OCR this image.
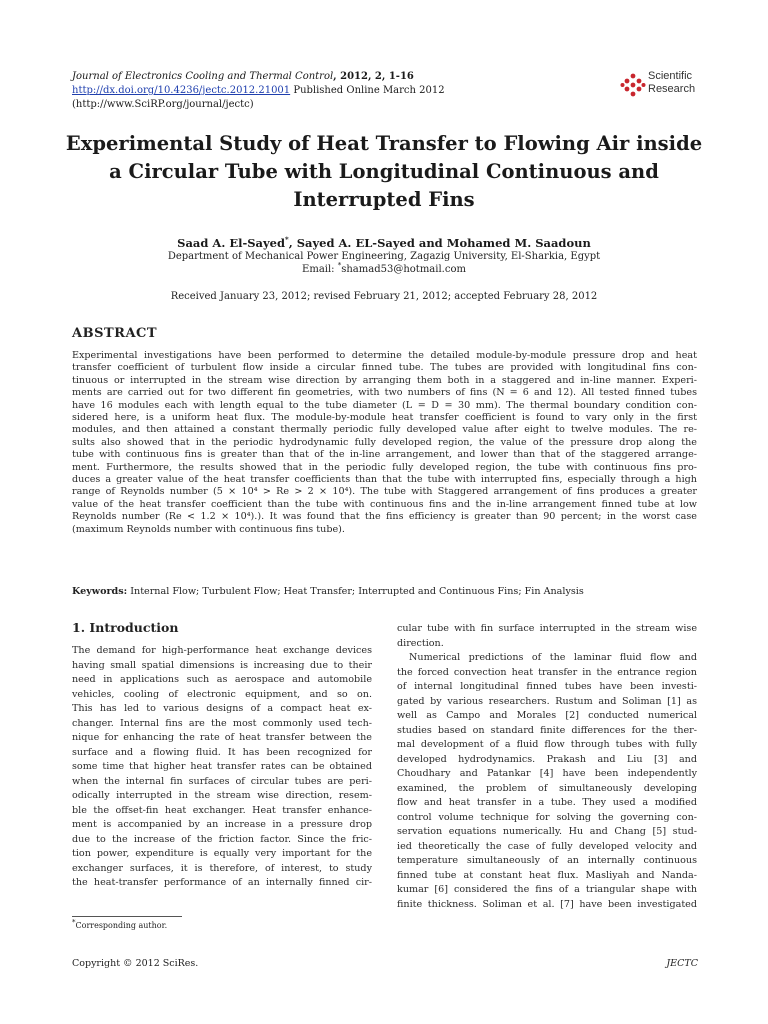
Journal of Electronics Cooling and Thermal Control, 2012, 2, 1-16
http://dx.doi.org/10.4236/jectc.2012.21001 Published Online March 2012 (http://www.SciRP.org/journal/jectc)
Scientific
Research
Experimental Study of Heat Transfer to Flowing Air inside
a Circular Tube with Longitudinal Continuous and
Interrupted Fins
Saad A. El-Sayed*, Sayed A. EL-Sayed and Mohamed M. Saadoun
Department of Mechanical Power Engineering, Zagazig University, El-Sharkia, Egypt
Email: *shamad53@hotmail.com
Received January 23, 2012; revised February 21, 2012; accepted February 28, 2012
ABSTRACT
Experimental investigations have been performed to determine the detailed module-by-module pressure drop and heat
transfer coefficient of turbulent flow inside a circular finned tube. The tubes are provided with longitudinal fins con-
tinuous or interrupted in the stream wise direction by arranging them both in a staggered and in-line manner. Experi-
ments are carried out for two different fin geometries, with two numbers of fins (N = 6 and 12). All tested finned tubes
have 16 modules each with length equal to the tube diameter (L = D = 30 mm). The thermal boundary condition con-
sidered here, is a uniform heat flux. The module-by-module heat transfer coefficient is found to vary only in the first
modules, and then attained a constant thermally periodic fully developed value after eight to twelve modules. The re-
sults also showed that in the periodic hydrodynamic fully developed region, the value of the pressure drop along the
tube with continuous fins is greater than that of the in-line arrangement, and lower than that of the staggered arrange-
ment. Furthermore, the results showed that in the periodic fully developed region, the tube with continuous fins pro-
duces a greater value of the heat transfer coefficients than that the tube with interrupted fins, especially through a high
range of Reynolds number (5 × 10⁴ > Re > 2 × 10⁴). The tube with Staggered arrangement of fins produces a greater
value of the heat transfer coefficient than the tube with continuous fins and the in-line arrangement finned tube at low
Reynolds number (Re < 1.2 × 10⁴).). It was found that the fins efficiency is greater than 90 percent; in the worst case
(maximum Reynolds number with continuous fins tube).
Keywords: Internal Flow; Turbulent Flow; Heat Transfer; Interrupted and Continuous Fins; Fin Analysis
1. Introduction
The demand for high-performance heat exchange devices
having small spatial dimensions is increasing due to their
need in applications such as aerospace and automobile
vehicles, cooling of electronic equipment, and so on.
This has led to various designs of a compact heat ex-
changer. Internal fins are the most commonly used tech-
nique for enhancing the rate of heat transfer between the
surface and a flowing fluid. It has been recognized for
some time that higher heat transfer rates can be obtained
when the internal fin surfaces of circular tubes are peri-
odically interrupted in the stream wise direction, resem-
ble the offset-fin heat exchanger. Heat transfer enhance-
ment is accompanied by an increase in a pressure drop
due to the increase of the friction factor. Since the fric-
tion power, expenditure is equally very important for the
exchanger surfaces, it is therefore, of interest, to study
the heat-transfer performance of an internally finned cir-
cular tube with fin surface interrupted in the stream wise
direction.
Numerical predictions of the laminar fluid flow and
the forced convection heat transfer in the entrance region
of internal longitudinal finned tubes have been investi-
gated by various researchers. Rustum and Soliman [1] as
well as Campo and Morales [2] conducted numerical
studies based on standard finite differences for the ther-
mal development of a fluid flow through tubes with fully
developed hydrodynamics. Prakash and Liu [3] and
Choudhary and Patankar [4] have been independently
examined, the problem of simultaneously developing
flow and heat transfer in a tube. They used a modified
control volume technique for solving the governing con-
servation equations numerically. Hu and Chang [5] stud-
ied theoretically the case of fully developed velocity and
temperature simultaneously of an internally continuous
finned tube at constant heat flux. Masliyah and Nanda-
kumar [6] considered the fins of a triangular shape with
finite thickness. Soliman et al. [7] have been investigated
*Corresponding author.
Copyright © 2012 SciRes.	JECTC
